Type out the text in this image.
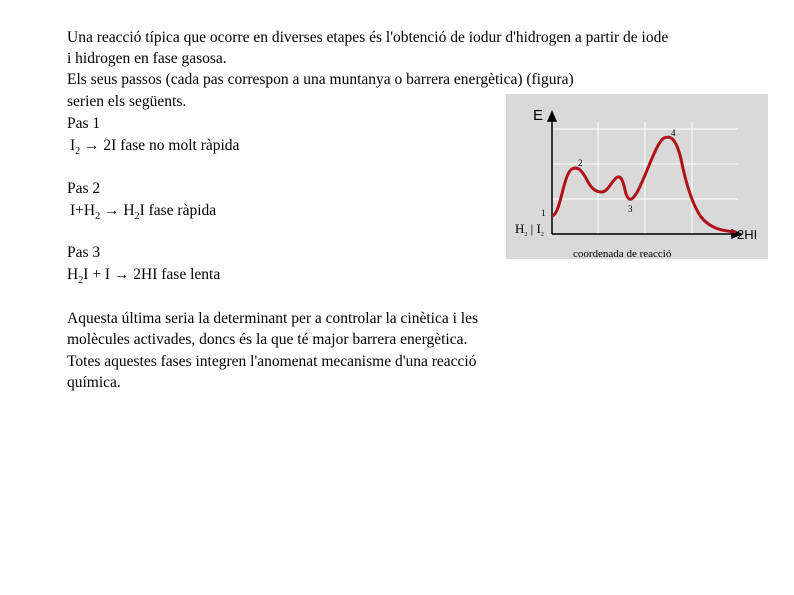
Una reacció típica que ocorre en diverses etapes és l'obtenció de iodur d'hidrogen a partir de iode
i hidrogen en fase gasosa.
Els seus passos (cada pas correspon a una muntanya o barrera energètica) (figura)
serien els següents.
Pas 1
$I_2 \to 2I$ fase no molt ràpida
Pas 2
$I+H_2 \to H_2I$ fase ràpida
Pas 3
$H_2I + I \to 2HI$ fase lenta
Aquesta última seria la determinant per a controlar la cinètica i les
molècules activades, doncs és la que té major barrera energètica.
Totes aquestes fases integren l'anomenat mecanisme d'una reacció
química.
E
1
2
3
4
$H_2$ | $I_2$	2HI
coordenada de reacció
